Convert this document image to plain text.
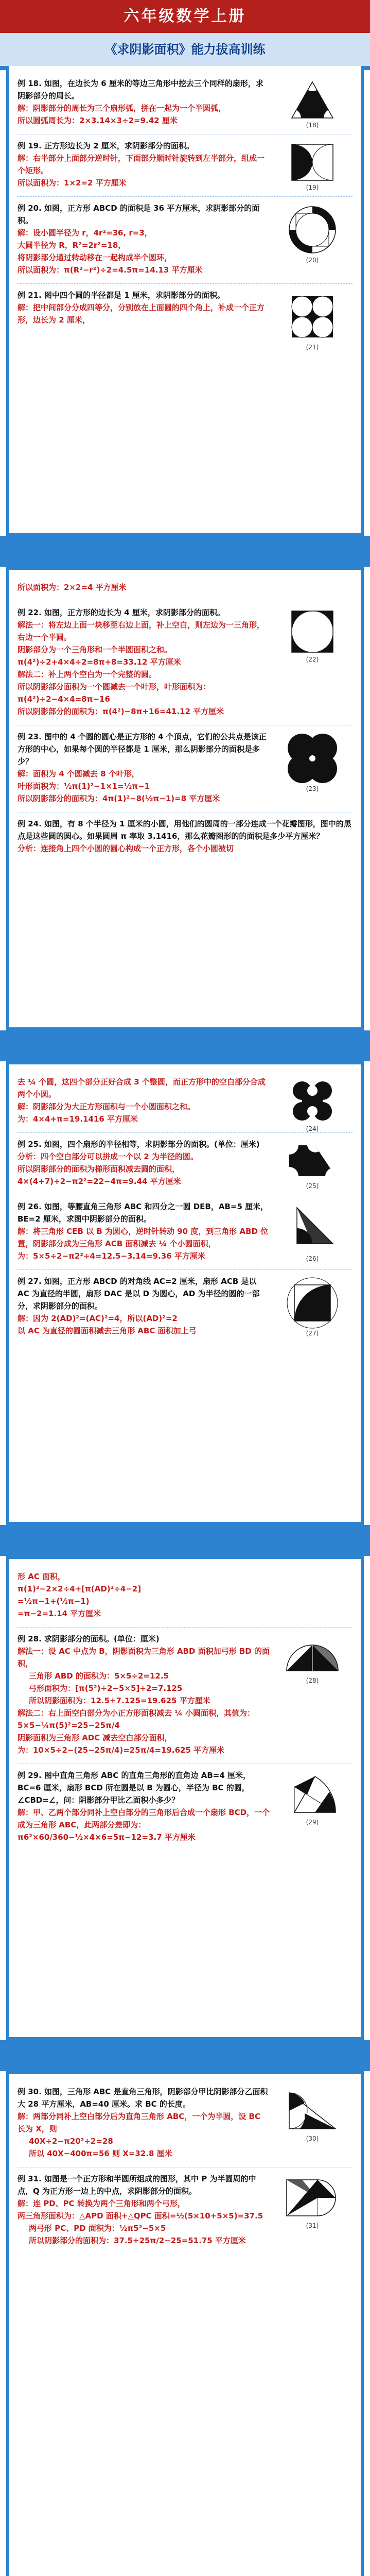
六年级数学上册
《求阴影面积》能力拔高训练
例 18. 如图，在边长为 6 厘米的等边三角形中挖去三个同样的扇形，求阴影部分的周长。
解：阴影部分的周长为三个扇形弧，拼在一起为一个半圆弧，
所以圆弧周长为：2×3.14×3÷2=9.42 厘米	(18)
例 19. 正方形边长为 2 厘米，求阴影部分的面积。
解：右半部分上面部分逆时针，下面部分顺时针旋转到左半部分，组成一个矩形。
所以面积为：1×2=2 平方厘米	(19)
例 20. 如图，正方形 ABCD 的面积是 36 平方厘米，求阴影部分的面积。
解：设小圆半径为 r，4r²=36, r=3，
大圆半径为 R，R²=2r²=18，
将阴影部分通过转动移在一起构成半个圆环，
所以面积为：π(R²−r²)÷2=4.5π=14.13 平方厘米
(20)
例 21. 图中四个圆的半径都是 1 厘米，求阴影部分的面积。
解：把中间部分分成四等分，分别放在上面圆的四个角上，补成一个正方形，边长为 2 厘米，
(21)
所以面积为：2×2=4 平方厘米
例 22. 如图，正方形的边长为 4 厘米，求阴影部分的面积。
解法一：将左边上面一块移至右边上面，补上空白，则左边为一三角形，右边一个半圆。
阴影部分为一个三角形和一个半圆面积之和。
π(4²)÷2+4×4÷2=8π+8=33.12 平方厘米
解法二：补上两个空白为一个完整的圆。
所以阴影部分面积为一个圆减去一个叶形，叶形面积为：π(4²)÷2−4×4=8π−16
所以阴影部分的面积为：π(4²)−8π+16=41.12 平方厘米
(22)
例 23. 图中的 4 个圆的圆心是正方形的 4 个顶点，它们的公共点是该正方形的中心，如果每个圆的半径都是 1 厘米，那么阴影部分的面积是多少？
解：面积为 4 个圆减去 8 个叶形，
叶形面积为：½π(1)²−1×1=½π−1
所以阴影部分的面积为：4π(1)²−8(½π−1)=8 平方厘米
(23)
例 24. 如图，有 8 个半径为 1 厘米的小圆，用他们的圆周的一部分连成一个花瓣图形，图中的黑点是这些圆的圆心。如果圆周 π 率取 3.1416，那么花瓣图形的的面积是多少平方厘米？
分析：连接角上四个小圆的圆心构成一个正方形，各个小圆被切
去 ¼ 个圆，这四个部分正好合成 3 个整圆，而正方形中的空白部分合成两个小圆。
解：阴影部分为大正方形面积与一个小圆面积之和。
为：4×4+π=19.1416 平方厘米
(24)
例 25. 如图，四个扇形的半径相等，求阴影部分的面积。(单位：厘米)
分析：四个空白部分可以拼成一个以 2 为半径的圆。
所以阴影部分的面积为梯形面积减去圆的面积，
4×(4+7)÷2−π2²=22−4π=9.44 平方厘米	(25)
例 26. 如图，等腰直角三角形 ABC 和四分之一圆 DEB，AB=5 厘米，BE=2 厘米，求图中阴影部分的面积。
解：将三角形 CEB 以 B 为圆心，逆时针转动 90 度，到三角形 ABD 位置，阴影部分成为三角形 ACB 面积减去 ¼ 个小圆面积，
为：5×5÷2−π2²÷4=12.5−3.14=9.36 平方厘米	(26)
例 27. 如图，正方形 ABCD 的对角线 AC=2 厘米，扇形 ACB 是以 AC 为直径的半圆，扇形 DAC 是以 D 为圆心，AD 为半径的圆的一部分，求阴影部分的面积。
解：因为 2(AD)²=(AC)²=4，所以(AD)²=2
以 AC 为直径的圆面积减去三角形 ABC 面积加上弓	(27)
形 AC 面积，
π(1)²−2×2÷4+[π(AD)²÷4−2]
=½π−1+(½π−1)
=π−2=1.14 平方厘米
例 28. 求阴影部分的面积。(单位：厘米)
解法一：设 AC 中点为 B，阴影面积为三角形 ABD 面积加弓形 BD 的面积，
三角形 ABD 的面积为：5×5÷2=12.5
弓形面积为：[π(5²)÷2−5×5]÷2=7.125
所以阴影面积为：12.5+7.125=19.625 平方厘米
解法二：右上面空白部分为小正方形面积减去 ¼ 小圆面积，其值为：5×5−¼π(5)²=25−25π/4
阴影面积为三角形 ADC 减去空白部分面积，
为：10×5÷2−(25−25π/4)=25π/4=19.625 平方厘米
(28)
例 29. 图中直角三角形 ABC 的直角三角形的直角边 AB=4 厘米，BC=6 厘米，扇形 BCD 所在圆是以 B 为圆心，半径为 BC 的圆，∠CBD=∠，问：阴影部分甲比乙面积小多少？
解：甲、乙两个部分同补上空白部分的三角形后合成一个扇形 BCD，一个成为三角形 ABC，此两部分差即为：π6²×60/360−½×4×6=5π−12=3.7 平方厘米
(29)
例 30. 如图，三角形 ABC 是直角三角形，阴影部分甲比阴影部分乙面积大 28 平方厘米，AB=40 厘米。求 BC 的长度。
解：两部分同补上空白部分后为直角三角形 ABC，一个为半圆，设 BC 长为 X，则
40X÷2−π20²÷2=28
所以 40X−400π=56 则 X=32.8 厘米
(30)
例 31. 如图是一个正方形和半圆所组成的图形，其中 P 为半圆周的中点，Q 为正方形一边上的中点，求阴影部分的面积。
解：连 PD、PC 转换为两个三角形和两个弓形，
两三角形面积为：△APD 面积+△QPC 面积=½(5×10+5×5)=37.5
两弓形 PC、PD 面积为：½π5²−5×5
所以阴影部分的面积为：37.5+25π/2−25=51.75 平方厘米
(31)
